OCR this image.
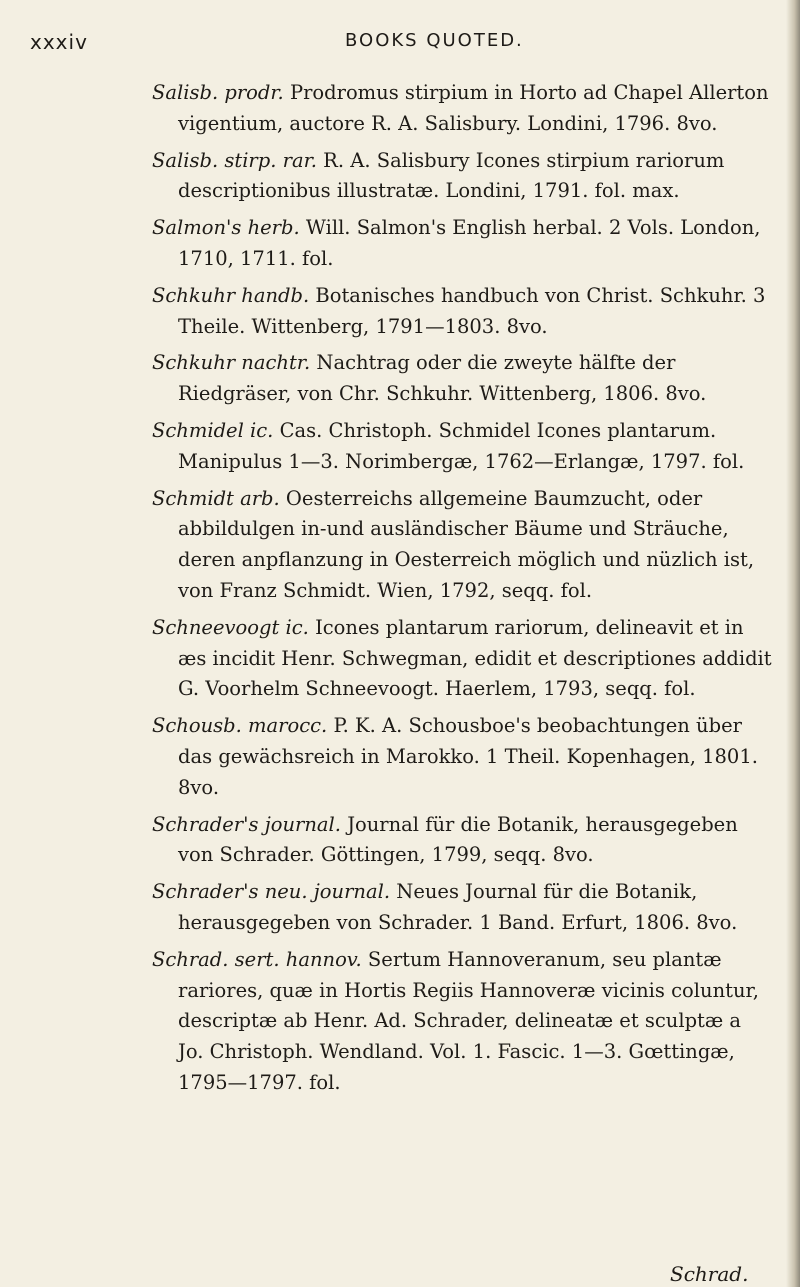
xxxiv	BOOKS QUOTED.

Salisb. prodr. Prodromus stirpium in Horto ad Chapel Allerton vigentium, auctore R. A. Salisbury. Londini, 1796. 8vo.

Salisb. stirp. rar. R. A. Salisbury Icones stirpium rariorum descriptionibus illustratæ. Londini, 1791. fol. max.

Salmon's herb. Will. Salmon's English herbal. 2 Vols. London, 1710, 1711. fol.

Schkuhr handb. Botanisches handbuch von Christ. Schkuhr. 3 Theile. Wittenberg, 1791—1803. 8vo.

Schkuhr nachtr. Nachtrag oder die zweyte hälfte der Riedgräser, von Chr. Schkuhr. Wittenberg, 1806. 8vo.

Schmidel ic. Cas. Christoph. Schmidel Icones plantarum. Manipulus 1—3. Norimbergæ, 1762—Erlangæ, 1797. fol.

Schmidt arb. Oesterreichs allgemeine Baumzucht, oder abbildulgen in-und ausländischer Bäume und Sträuche, deren anpflanzung in Oesterreich möglich und nüzlich ist, von Franz Schmidt. Wien, 1792, seqq. fol.

Schneevoogt ic. Icones plantarum rariorum, delineavit et in æs incidit Henr. Schwegman, edidit et descriptiones addidit G. Voorhelm Schneevoogt. Haerlem, 1793, seqq. fol.

Schousb. marocc. P. K. A. Schousboe's beobachtungen über das gewächsreich in Marokko. 1 Theil. Kopenhagen, 1801. 8vo.

Schrader's journal. Journal für die Botanik, herausgegeben von Schrader. Göttingen, 1799, seqq. 8vo.

Schrader's neu. journal. Neues Journal für die Botanik, herausgegeben von Schrader. 1 Band. Erfurt, 1806. 8vo.

Schrad. sert. hannov. Sertum Hannoveranum, seu plantæ rariores, quæ in Hortis Regiis Hannoveræ vicinis coluntur, descriptæ ab Henr. Ad. Schrader, delineatæ et sculptæ a Jo. Christoph. Wendland. Vol. 1. Fascic. 1—3. Gœttingæ, 1795—1797. fol.

Schrad.
